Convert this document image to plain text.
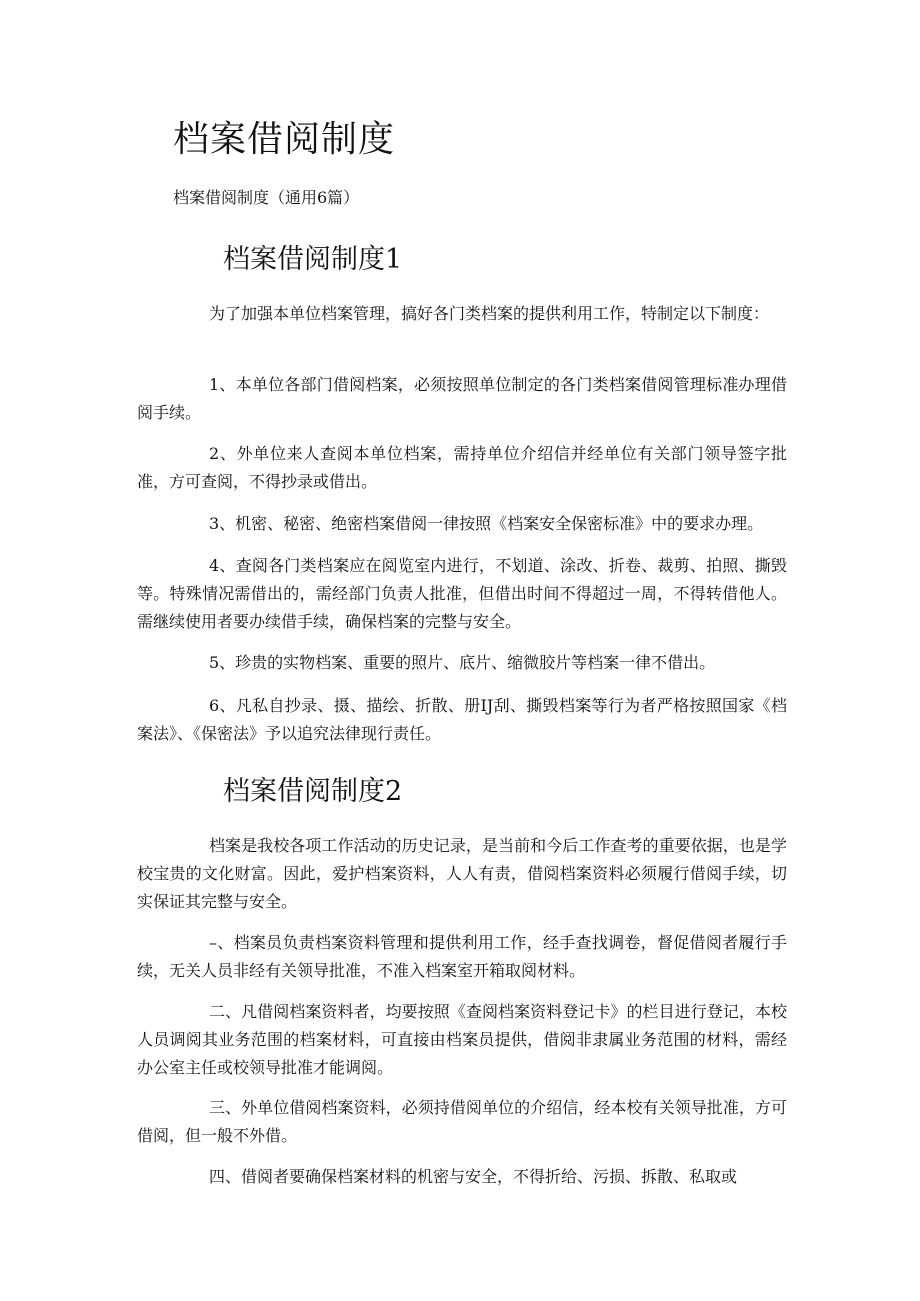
档案借阅制度

档案借阅制度（通用6篇）

档案借阅制度1

为了加强本单位档案管理，搞好各门类档案的提供利用工作，特制定以下制度：

1、本单位各部门借阅档案，必须按照单位制定的各门类档案借阅管理标准办理借阅手续。

2、外单位来人查阅本单位档案，需持单位介绍信并经单位有关部门领导签字批准，方可查阅，不得抄录或借出。

3、机密、秘密、绝密档案借阅一律按照《档案安全保密标准》中的要求办理。

4、查阅各门类档案应在阅览室内进行，不划道、涂改、折卷、裁剪、拍照、撕毁等。特殊情况需借出的，需经部门负责人批准，但借出时间不得超过一周，不得转借他人。需继续使用者要办续借手续，确保档案的完整与安全。

5、珍贵的实物档案、重要的照片、底片、缩微胶片等档案一律不借出。

6、凡私自抄录、摄、描绘、折散、册IJ刮、撕毁档案等行为者严格按照国家《档案法》、《保密法》予以追究法律现行责任。

档案借阅制度2

档案是我校各项工作活动的历史记录，是当前和今后工作查考的重要依据，也是学校宝贵的文化财富。因此，爱护档案资料，人人有责，借阅档案资料必须履行借阅手续，切实保证其完整与安全。

–、档案员负责档案资料管理和提供利用工作，经手查找调卷，督促借阅者履行手续，无关人员非经有关领导批准，不准入档案室开箱取阅材料。

二、凡借阅档案资料者，均要按照《查阅档案资料登记卡》的栏目进行登记，本校人员调阅其业务范围的档案材料，可直接由档案员提供，借阅非隶属业务范围的材料，需经办公室主任或校领导批准才能调阅。

三、外单位借阅档案资料，必须持借阅单位的介绍信，经本校有关领导批准，方可借阅，但一般不外借。

四、借阅者要确保档案材料的机密与安全，不得折给、污损、拆散、私取或
